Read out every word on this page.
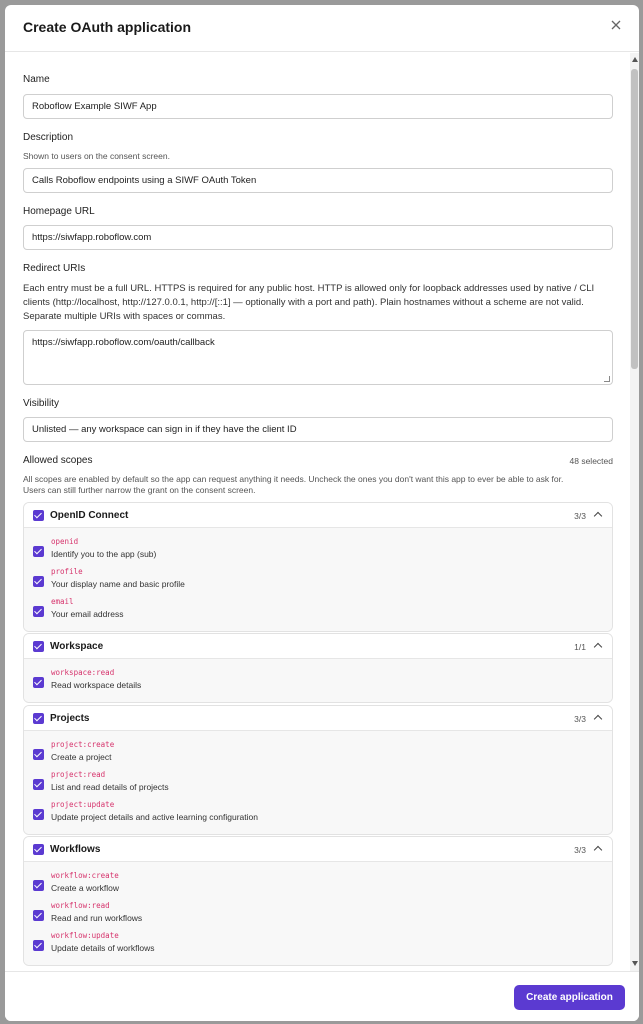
Create OAuth application
Name
Roboflow Example SIWF App
Description
Shown to users on the consent screen.
Calls Roboflow endpoints using a SIWF OAuth Token
Homepage URL
https://siwfapp.roboflow.com
Redirect URIs
Each entry must be a full URL. HTTPS is required for any public host. HTTP is allowed only for loopback addresses used by native / CLI clients (http://localhost, http://127.0.0.1, http://[::1] — optionally with a port and path). Plain hostnames without a scheme are not valid. Separate multiple URIs with spaces or commas.
https://siwfapp.roboflow.com/oauth/callback
Visibility
Unlisted — any workspace can sign in if they have the client ID
Allowed scopes	48 selected
All scopes are enabled by default so the app can request anything it needs. Uncheck the ones you don't want this app to ever be able to ask for.
Users can still further narrow the grant on the consent screen.
OpenID Connect	3/3
openid
Identify you to the app (sub)
profile
Your display name and basic profile
email
Your email address
Workspace	1/1
workspace:read
Read workspace details
Projects	3/3
project:create
Create a project
project:read
List and read details of projects
project:update
Update project details and active learning configuration
Workflows	3/3
workflow:create
Create a workflow
workflow:read
Read and run workflows
workflow:update
Update details of workflows
Create application
